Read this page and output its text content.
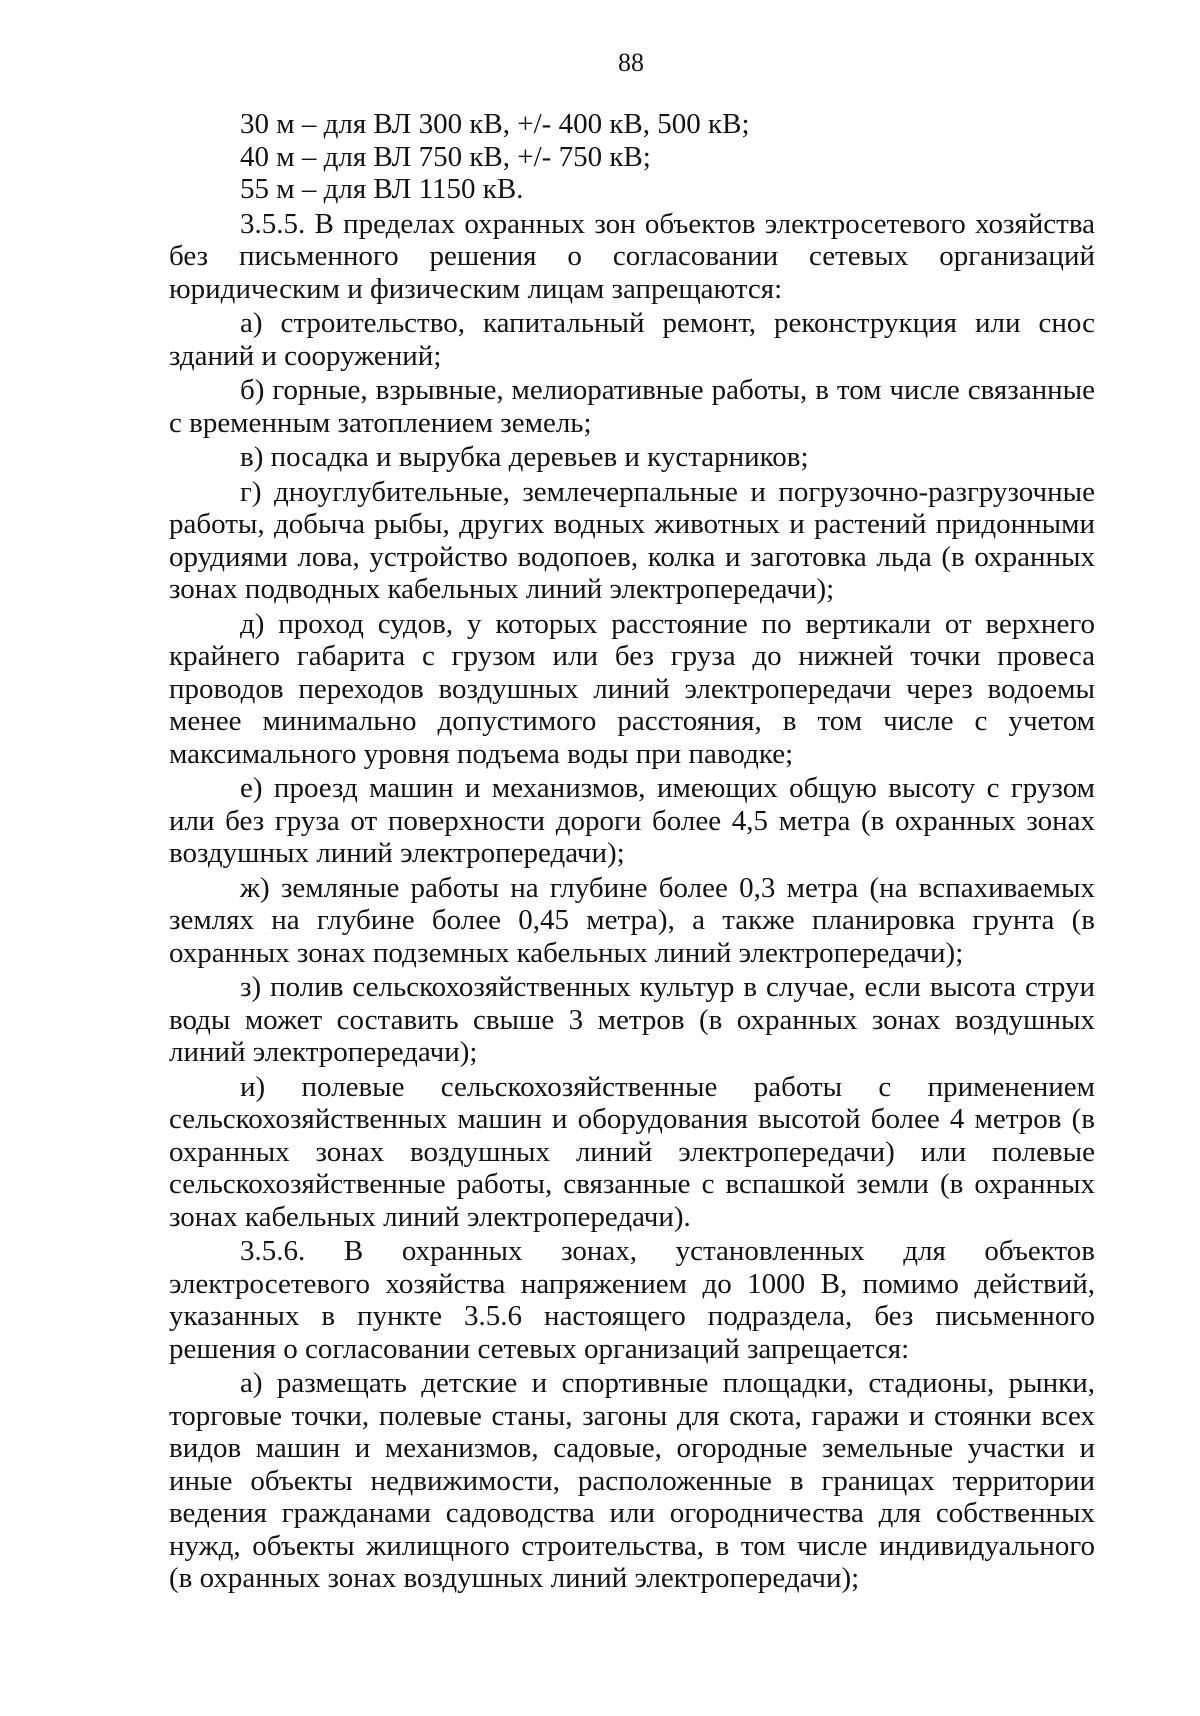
88

30 м – для ВЛ 300 кВ, +/- 400 кВ, 500 кВ;

40 м – для ВЛ 750 кВ, +/- 750 кВ;

55 м – для ВЛ 1150 кВ.

3.5.5. В пределах охранных зон объектов электросетевого хозяйства без письменного решения о согласовании сетевых организаций юридическим и физическим лицам запрещаются:

а) строительство, капитальный ремонт, реконструкция или снос зданий и сооружений;

б) горные, взрывные, мелиоративные работы, в том числе связанные с временным затоплением земель;

в) посадка и вырубка деревьев и кустарников;

г) дноуглубительные, землечерпальные и погрузочно-разгрузочные работы, добыча рыбы, других водных животных и растений придонными орудиями лова, устройство водопоев, колка и заготовка льда (в охранных зонах подводных кабельных линий электропередачи);

д) проход судов, у которых расстояние по вертикали от верхнего крайнего габарита с грузом или без груза до нижней точки провеса проводов переходов воздушных линий электропередачи через водоемы менее минимально допустимого расстояния, в том числе с учетом максимального уровня подъема воды при паводке;

е) проезд машин и механизмов, имеющих общую высоту с грузом или без груза от поверхности дороги более 4,5 метра (в охранных зонах воздушных линий электропередачи);

ж) земляные работы на глубине более 0,3 метра (на вспахиваемых землях на глубине более 0,45 метра), а также планировка грунта (в охранных зонах подземных кабельных линий электропередачи);

з) полив сельскохозяйственных культур в случае, если высота струи воды может составить свыше 3 метров (в охранных зонах воздушных линий электропередачи);

и) полевые сельскохозяйственные работы с применением сельскохозяйственных машин и оборудования высотой более 4 метров (в охранных зонах воздушных линий электропередачи) или полевые сельскохозяйственные работы, связанные с вспашкой земли (в охранных зонах кабельных линий электропередачи).

3.5.6. В охранных зонах, установленных для объектов электросетевого хозяйства напряжением до 1000 В, помимо действий, указанных в пункте 3.5.6 настоящего подраздела, без письменного решения о согласовании сетевых организаций запрещается:

а) размещать детские и спортивные площадки, стадионы, рынки, торговые точки, полевые станы, загоны для скота, гаражи и стоянки всех видов машин и механизмов, садовые, огородные земельные участки и иные объекты недвижимости, расположенные в границах территории ведения гражданами садоводства или огородничества для собственных нужд, объекты жилищного строительства, в том числе индивидуального (в охранных зонах воздушных линий электропередачи);
